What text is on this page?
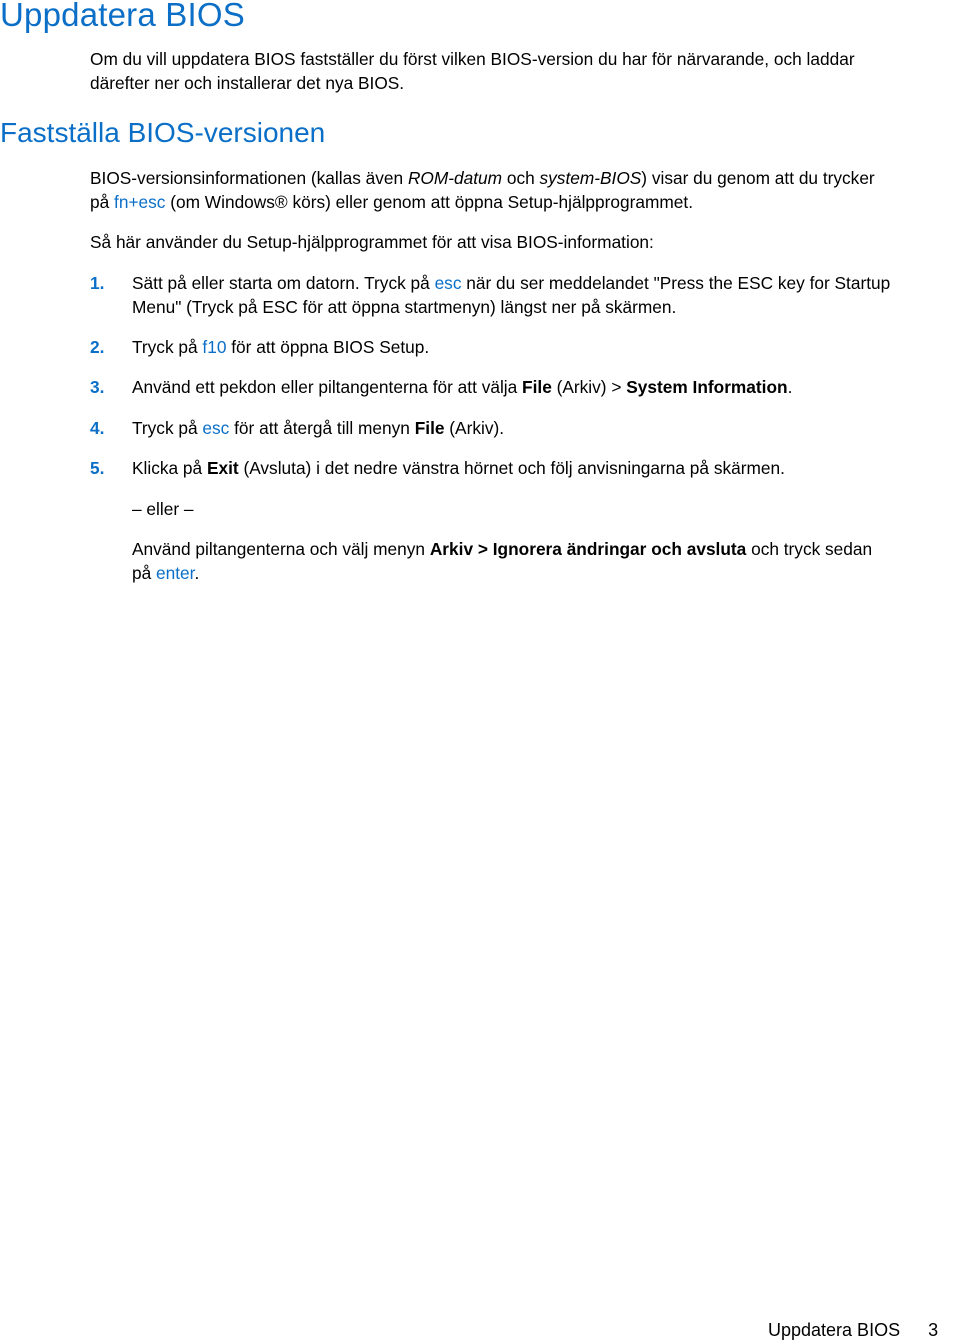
Uppdatera BIOS

Om du vill uppdatera BIOS fastställer du först vilken BIOS-version du har för närvarande, och laddar
därefter ner och installerar det nya BIOS.

Fastställa BIOS-versionen

BIOS-versionsinformationen (kallas även ROM-datum och system-BIOS) visar du genom att du trycker
på fn+esc (om Windows® körs) eller genom att öppna Setup-hjälpprogrammet.

Så här använder du Setup-hjälpprogrammet för att visa BIOS-information:

1. Sätt på eller starta om datorn. Tryck på esc när du ser meddelandet "Press the ESC key for Startup
Menu" (Tryck på ESC för att öppna startmenyn) längst ner på skärmen.

2. Tryck på f10 för att öppna BIOS Setup.

3. Använd ett pekdon eller piltangenterna för att välja File (Arkiv) > System Information.

4. Tryck på esc för att återgå till menyn File (Arkiv).

5. Klicka på Exit (Avsluta) i det nedre vänstra hörnet och följ anvisningarna på skärmen.

– eller –

Använd piltangenterna och välj menyn Arkiv > Ignorera ändringar och avsluta och tryck sedan
på enter.

Uppdatera BIOS 3
